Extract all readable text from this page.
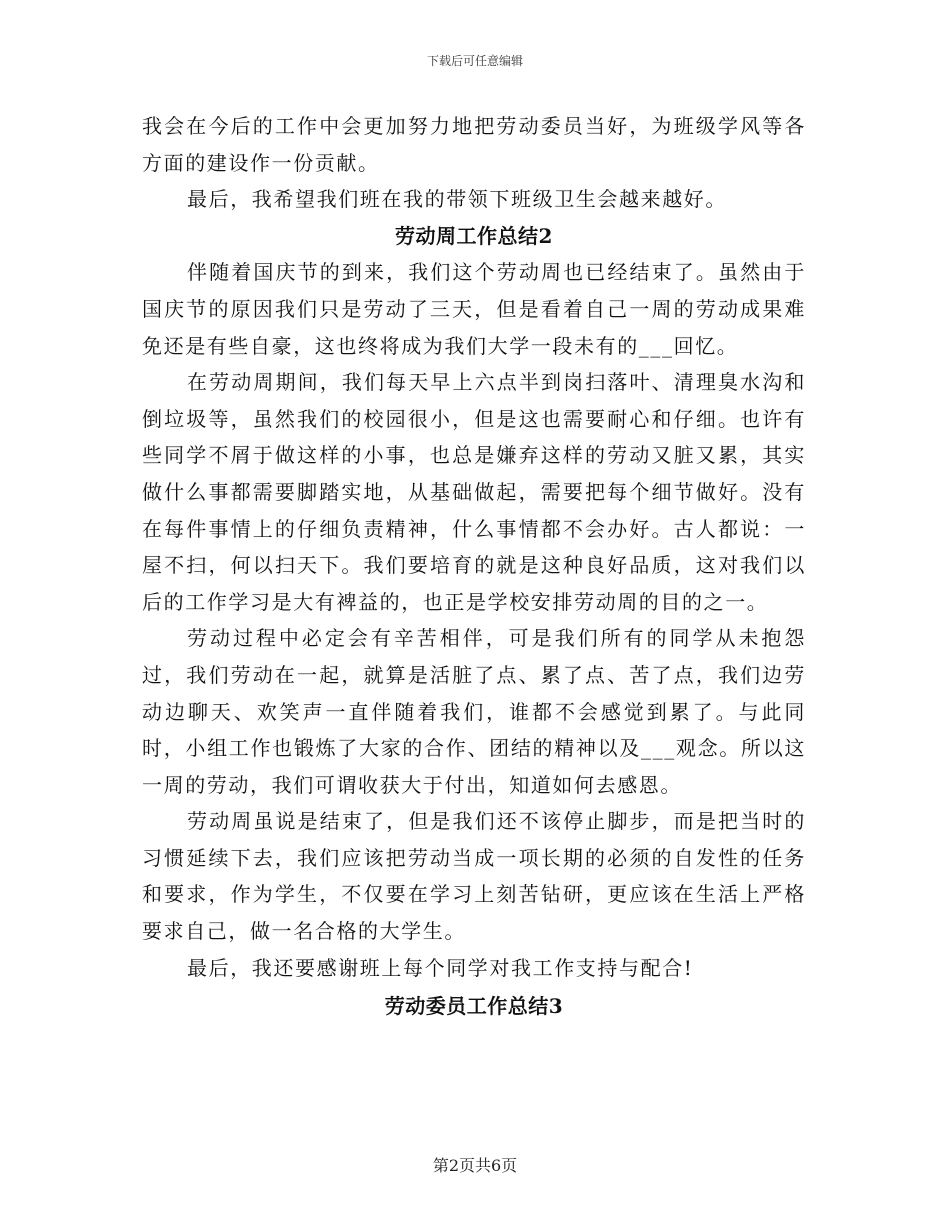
下载后可任意编辑

我会在今后的工作中会更加努力地把劳动委员当好，为班级学风等各方面的建设作一份贡献。

最后，我希望我们班在我的带领下班级卫生会越来越好。

劳动周工作总结2

伴随着国庆节的到来，我们这个劳动周也已经结束了。虽然由于国庆节的原因我们只是劳动了三天，但是看着自己一周的劳动成果难免还是有些自豪，这也终将成为我们大学一段未有的___回忆。

在劳动周期间，我们每天早上六点半到岗扫落叶、清理臭水沟和倒垃圾等，虽然我们的校园很小，但是这也需要耐心和仔细。也许有些同学不屑于做这样的小事，也总是嫌弃这样的劳动又脏又累，其实做什么事都需要脚踏实地，从基础做起，需要把每个细节做好。没有在每件事情上的仔细负责精神，什么事情都不会办好。古人都说：一屋不扫，何以扫天下。我们要培育的就是这种良好品质，这对我们以后的工作学习是大有裨益的，也正是学校安排劳动周的目的之一。

劳动过程中必定会有辛苦相伴，可是我们所有的同学从未抱怨过，我们劳动在一起，就算是活脏了点、累了点、苦了点，我们边劳动边聊天、欢笑声一直伴随着我们，谁都不会感觉到累了。与此同时，小组工作也锻炼了大家的合作、团结的精神以及___观念。所以这一周的劳动，我们可谓收获大于付出，知道如何去感恩。

劳动周虽说是结束了，但是我们还不该停止脚步，而是把当时的习惯延续下去，我们应该把劳动当成一项长期的必须的自发性的任务和要求，作为学生，不仅要在学习上刻苦钻研，更应该在生活上严格要求自己，做一名合格的大学生。

最后，我还要感谢班上每个同学对我工作支持与配合!

劳动委员工作总结3
第2页共6页
